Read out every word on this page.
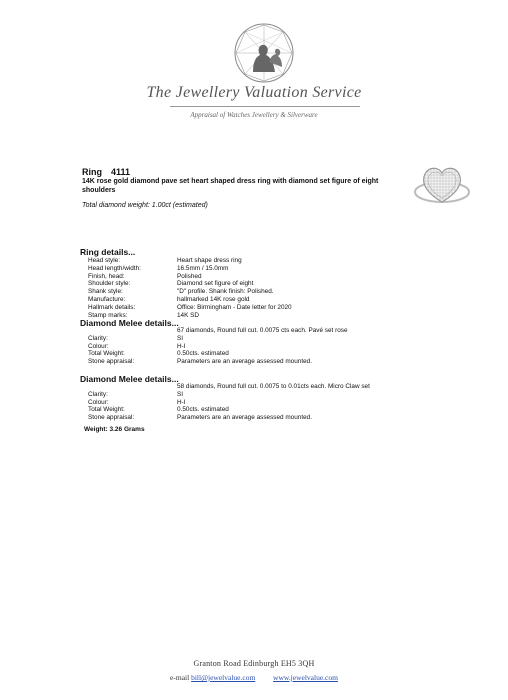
The Jewellery Valuation Service
Appraisal of Watches Jewellery & Silverware
Ring 4111
14K rose gold diamond pave set heart shaped dress ring with diamond set figure of eight shoulders
Total diamond weight: 1.00ct (estimated)
Ring details...
Head style:	Heart shape dress ring
Head length/width:	16.5mm / 15.0mm
Finish, head:	Polished
Shoulder style:	Diamond set figure of eight
Shank style:	"D" profile. Shank finish: Polished.
Manufacture:	hallmarked 14K rose gold
Hallmark details:	Office: Birmingham - Date letter for 2020
Stamp marks:	14K SD
Diamond Melee details...
67 diamonds, Round full cut. 0.0075 cts each. Pavé set rose
Clarity:	SI
Colour:	H-I
Total Weight:	0.50cts. estimated
Stone appraisal:	Parameters are an average assessed mounted.
Diamond Melee details...
58 diamonds, Round full cut. 0.0075 to 0.01cts each. Micro Claw set
Clarity:	SI
Colour:	H-I
Total Weight:	0.50cts. estimated
Stone appraisal:	Parameters are an average assessed mounted.
Weight: 3.26 Grams
Granton Road Edinburgh EH5 3QH
e-mail bill@jewelvalue.com www.jewelvalue.com
